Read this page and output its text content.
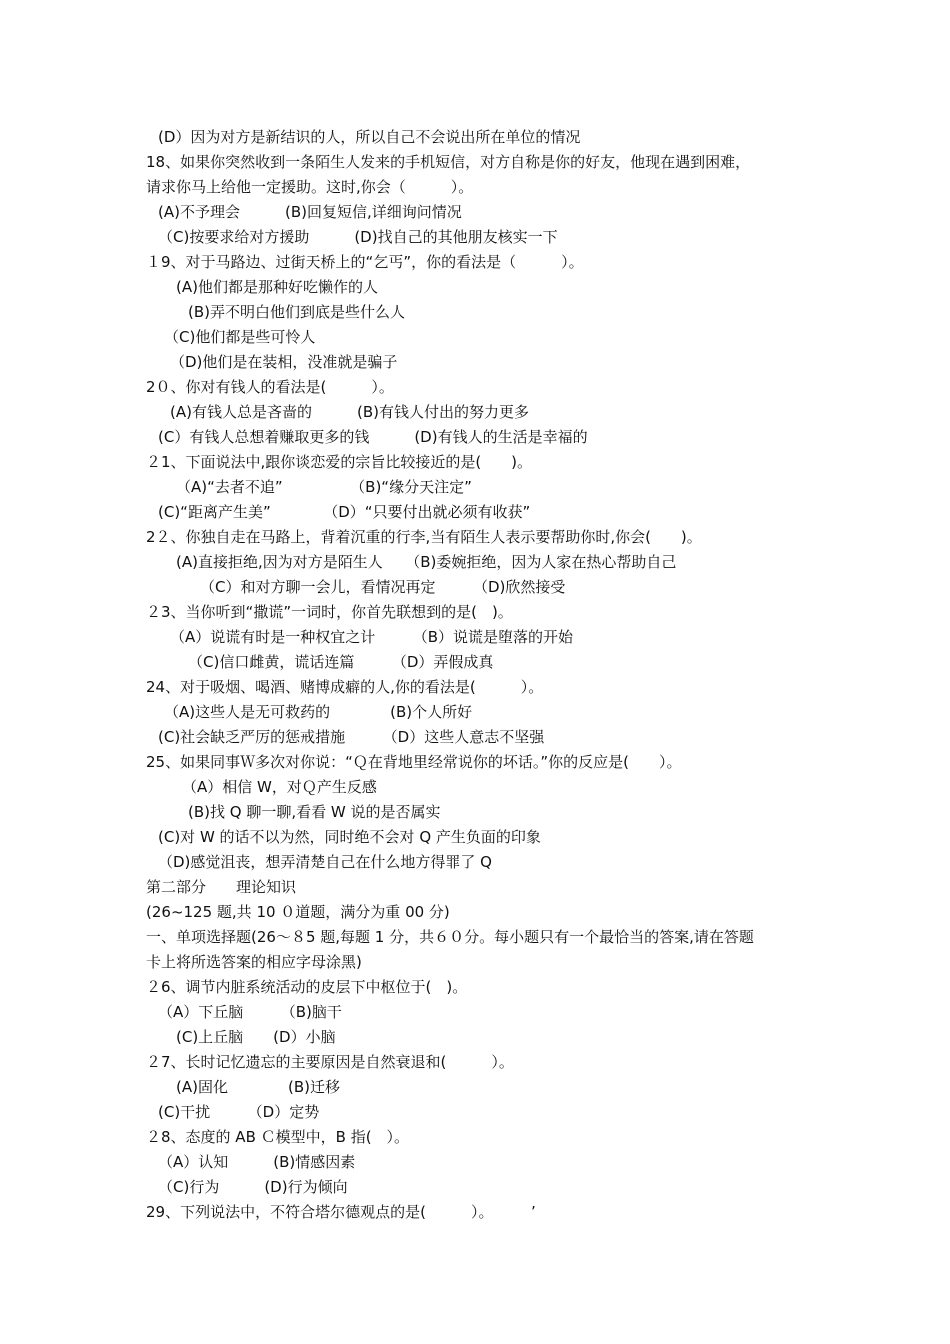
(D）因为对方是新结识的人，所以自己不会说出所在单位的情况
18、如果你突然收到一条陌生人发来的手机短信，对方自称是你的好友，他现在遇到困难，
请求你马上给他一定援助。这时,你会（　　　）。
(A)不予理会　　　(B)回复短信,详细询问情况
（C)按要求给对方援助　　　(D)找自己的其他朋友核实一下
１9、对于马路边、过街天桥上的“乞丐”，你的看法是（　　　）。
(A)他们都是那种好吃懒作的人
(B)弄不明白他们到底是些什么人
（C)他们都是些可怜人
（D)他们是在装相，没准就是骗子
2０、你对有钱人的看法是(　　　）。
(A)有钱人总是吝啬的　　　(B)有钱人付出的努力更多
(C）有钱人总想着赚取更多的钱　　　(D)有钱人的生活是幸福的
２1、下面说法中,跟你谈恋爱的宗旨比较接近的是(　　)。
（A)“去者不追”　　　　　（B)“缘分天注定”
(C)“距离产生美”　　　　（D）“只要付出就必须有收获”
2２、你独自走在马路上，背着沉重的行李,当有陌生人表示要帮助你时,你会(　　)。
(A)直接拒绝,因为对方是陌生人　　（B)委婉拒绝，因为人家在热心帮助自己
（C）和对方聊一会儿，看情况再定　　　（D)欣然接受
２3、当你听到“撒谎”一词时，你首先联想到的是(　)。
（A）说谎有时是一种权宜之计　　　（B）说谎是堕落的开始
（C)信口雌黄，谎话连篇　　　（D）弄假成真
24、对于吸烟、喝酒、赌博成癖的人,你的看法是(　　　）。
（A)这些人是无可救药的　　　　(B)个人所好
(C)社会缺乏严厉的惩戒措施　　　（D）这些人意志不坚强
25、如果同事Ｗ多次对你说：“Ｑ在背地里经常说你的坏话。”你的反应是(　　）。
（A）相信 W，对Ｑ产生反感
(B)找 Q 聊一聊,看看 W 说的是否属实
(C)对 W 的话不以为然，同时绝不会对 Q 产生负面的印象
（D)感觉沮丧，想弄清楚自己在什么地方得罪了 Q
第二部分　　理论知识
(26~125 题,共 10 ０道题，满分为重 00 分)
一、单项选择题(26～８5 题,每题 1 分，共６０分。每小题只有一个最恰当的答案,请在答题
卡上将所选答案的相应字母涂黑)
２6、调节内脏系统活动的皮层下中枢位于(　)。
（A）下丘脑　　　（B)脑干
(C)上丘脑　　(D）小脑
２7、长时记忆遗忘的主要原因是自然衰退和(　　　）。
(A)固化　　　　(B)迁移
(C)干扰　　　（D）定势
２8、态度的 AB Ｃ模型中，B 指(　）。
（A）认知　　　(B)情感因素
（C)行为　　　(D)行为倾向
29、下列说法中，不符合塔尔德观点的是(　　　）。　　　’
